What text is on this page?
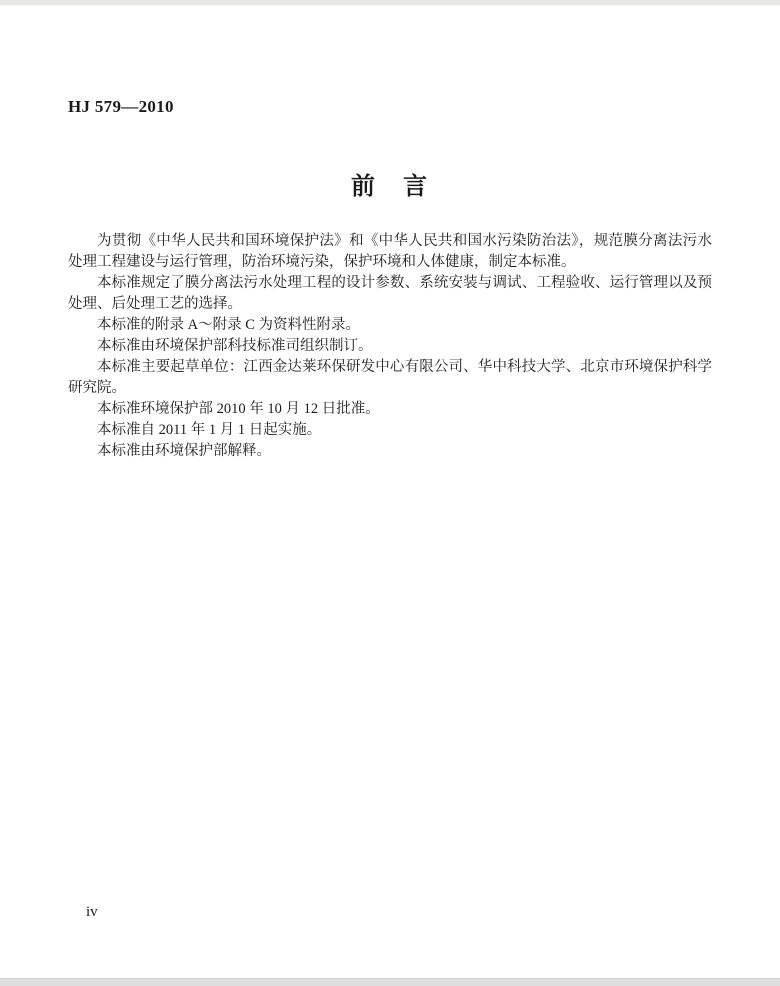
HJ 579—2010
前　言

为贯彻《中华人民共和国环境保护法》和《中华人民共和国水污染防治法》，规范膜分离法污水处理工程建设与运行管理，防治环境污染，保护环境和人体健康，制定本标准。

本标准规定了膜分离法污水处理工程的设计参数、系统安装与调试、工程验收、运行管理以及预处理、后处理工艺的选择。

本标准的附录 A～附录 C 为资料性附录。

本标准由环境保护部科技标准司组织制订。

本标准主要起草单位：江西金达莱环保研发中心有限公司、华中科技大学、北京市环境保护科学研究院。

本标准环境保护部 2010 年 10 月 12 日批准。

本标准自 2011 年 1 月 1 日起实施。

本标准由环境保护部解释。

iv
